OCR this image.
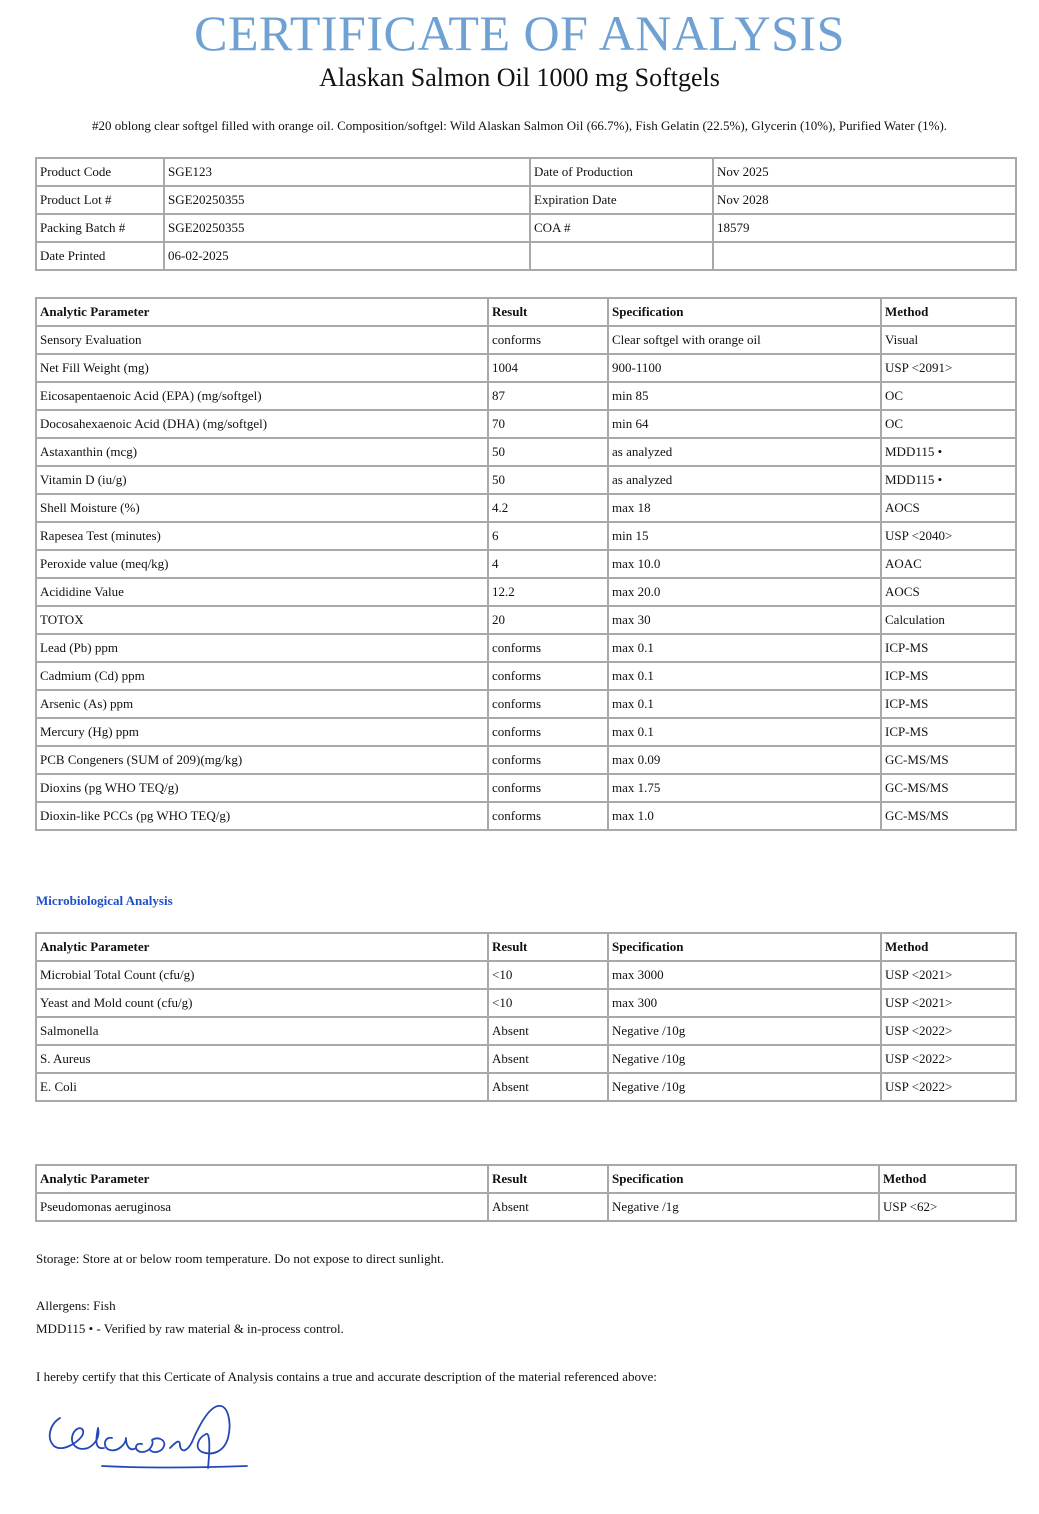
CERTIFICATE OF ANALYSIS
Alaskan Salmon Oil 1000 mg Softgels
#20 oblong clear softgel filled with orange oil. Composition/softgel: Wild Alaskan Salmon Oil (66.7%), Fish Gelatin (22.5%), Glycerin (10%), Purified Water (1%).
Product Code	SGE123	Date of Production	Nov 2025
Product Lot #	SGE20250355	Expiration Date	Nov 2028
Packing Batch #	SGE20250355	COA #	18579
Date Printed	06-02-2025		
Analytic Parameter	Result	Specification	Method
Sensory Evaluation	conforms	Clear softgel with orange oil	Visual
Net Fill Weight (mg)	1004	900-1100	USP <2091>
Eicosapentaenoic Acid (EPA) (mg/softgel)	87	min 85	OC
Docosahexaenoic Acid (DHA) (mg/softgel)	70	min 64	OC
Astaxanthin (mcg)	50	as analyzed	MDD115 •
Vitamin D (iu/g)	50	as analyzed	MDD115 •
Shell Moisture (%)	4.2	max 18	AOCS
Rapesea Test (minutes)	6	min 15	USP <2040>
Peroxide value (meq/kg)	4	max 10.0	AOAC
Acididine Value	12.2	max 20.0	AOCS
TOTOX	20	max 30	Calculation
Lead (Pb) ppm	conforms	max 0.1	ICP-MS
Cadmium (Cd) ppm	conforms	max 0.1	ICP-MS
Arsenic (As) ppm	conforms	max 0.1	ICP-MS
Mercury (Hg) ppm	conforms	max 0.1	ICP-MS
PCB Congeners (SUM of 209)(mg/kg)	conforms	max 0.09	GC-MS/MS
Dioxins (pg WHO TEQ/g)	conforms	max 1.75	GC-MS/MS
Dioxin-like PCCs (pg WHO TEQ/g)	conforms	max 1.0	GC-MS/MS
Microbiological Analysis
Analytic Parameter	Result	Specification	Method
Microbial Total Count (cfu/g)	<10	max 3000	USP <2021>
Yeast and Mold count (cfu/g)	<10	max 300	USP <2021>
Salmonella	Absent	Negative /10g	USP <2022>
S. Aureus	Absent	Negative /10g	USP <2022>
E. Coli	Absent	Negative /10g	USP <2022>
Analytic Parameter	Result	Specification	Method
Pseudomonas aeruginosa	Absent	Negative /1g	USP <62>
Storage: Store at or below room temperature. Do not expose to direct sunlight.
Allergens: Fish
MDD115 • - Verified by raw material & in-process control.
I hereby certify that this Certicate of Analysis contains a true and accurate description of the material referenced above:
